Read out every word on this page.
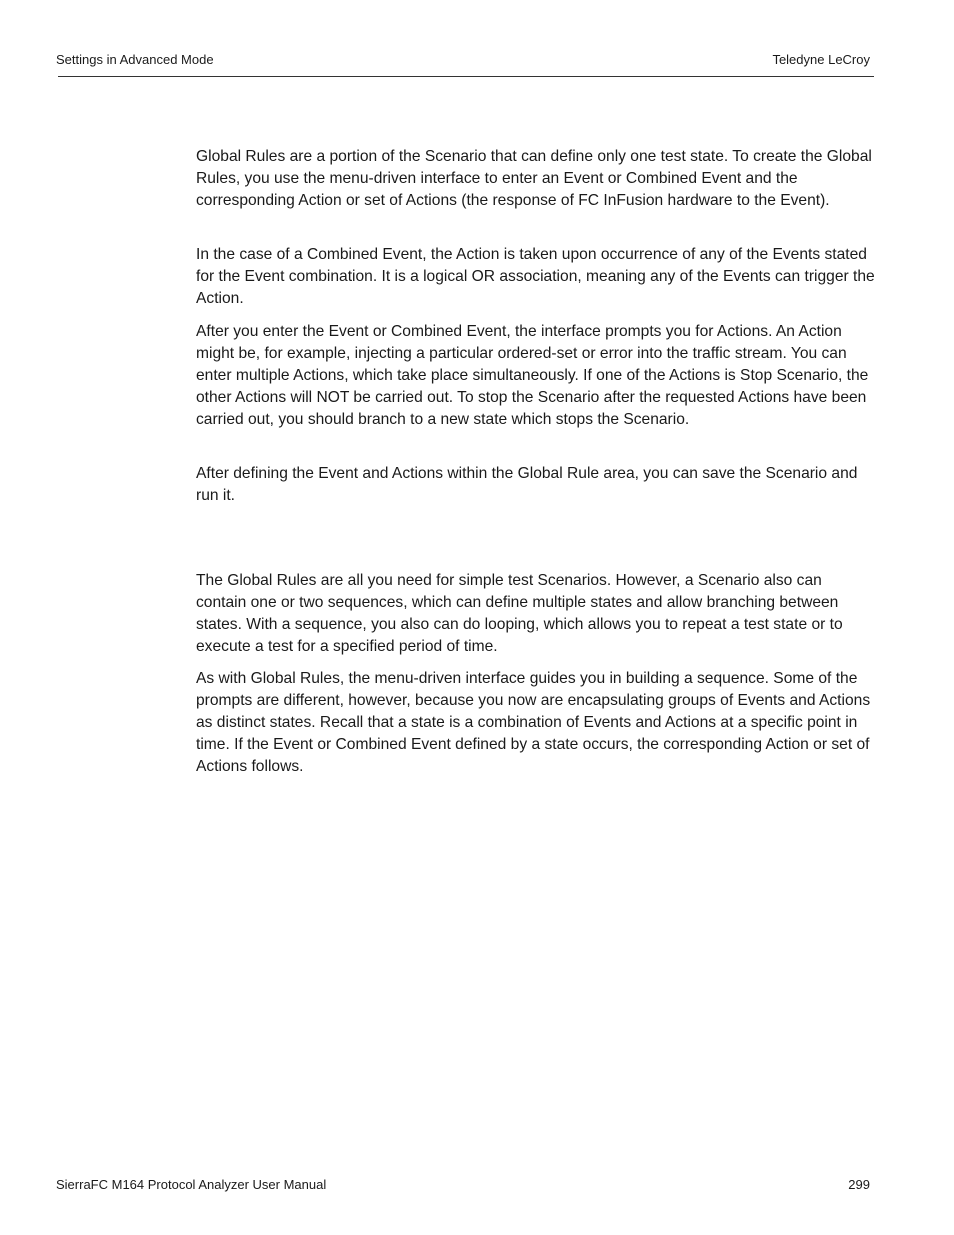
Settings in Advanced Mode	Teledyne LeCroy

Global Rules are a portion of the Scenario that can define only one test state. To create the Global Rules, you use the menu-driven interface to enter an Event or Combined Event and the corresponding Action or set of Actions (the response of FC InFusion hardware to the Event).

In the case of a Combined Event, the Action is taken upon occurrence of any of the Events stated for the Event combination. It is a logical OR association, meaning any of the Events can trigger the Action.

After you enter the Event or Combined Event, the interface prompts you for Actions. An Action might be, for example, injecting a particular ordered-set or error into the traffic stream. You can enter multiple Actions, which take place simultaneously. If one of the Actions is Stop Scenario, the other Actions will NOT be carried out. To stop the Scenario after the requested Actions have been carried out, you should branch to a new state which stops the Scenario.

After defining the Event and Actions within the Global Rule area, you can save the Scenario and run it.

The Global Rules are all you need for simple test Scenarios. However, a Scenario also can contain one or two sequences, which can define multiple states and allow branching between states. With a sequence, you also can do looping, which allows you to repeat a test state or to execute a test for a specified period of time.

As with Global Rules, the menu-driven interface guides you in building a sequence. Some of the prompts are different, however, because you now are encapsulating groups of Events and Actions as distinct states. Recall that a state is a combination of Events and Actions at a specific point in time. If the Event or Combined Event defined by a state occurs, the corresponding Action or set of Actions follows.

SierraFC M164 Protocol Analyzer User Manual	299
